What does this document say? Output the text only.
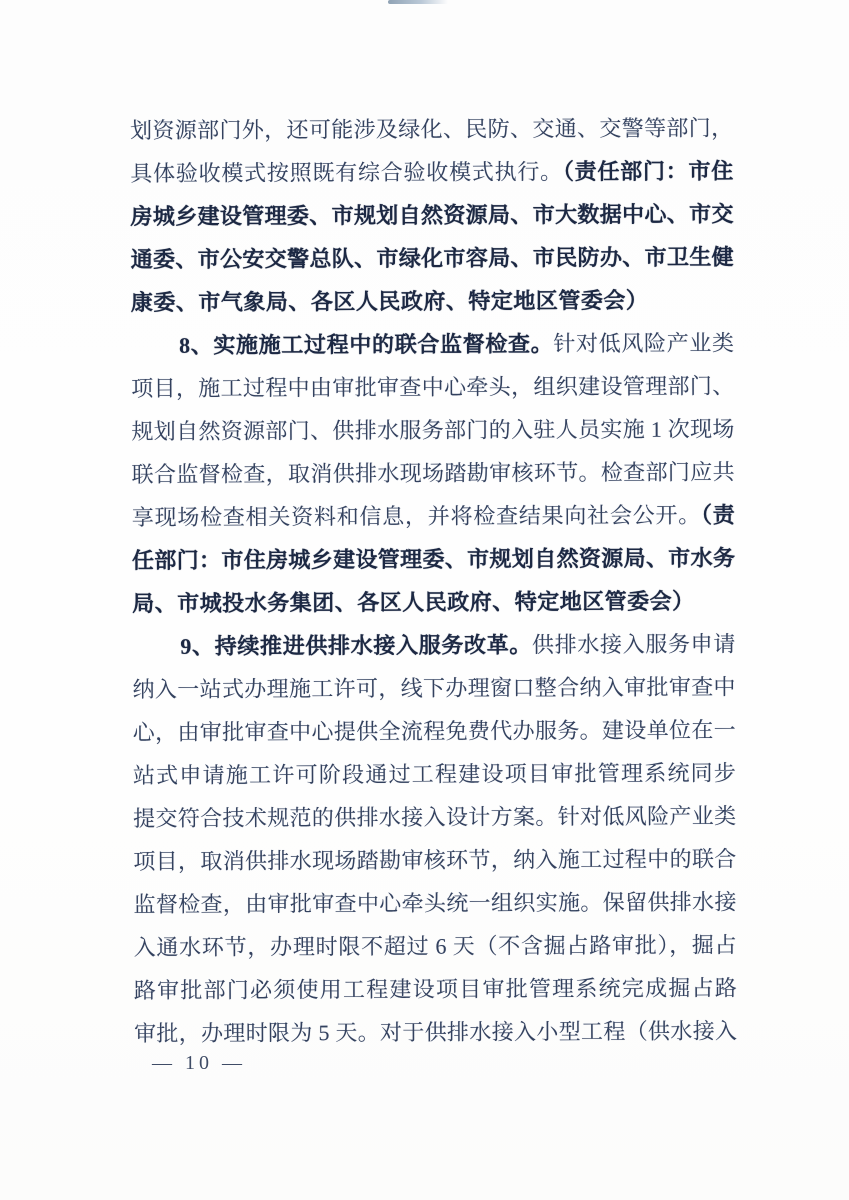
划资源部门外，还可能涉及绿化、民防、交通、交警等部门，
具体验收模式按照既有综合验收模式执行。（责任部门：市住
房城乡建设管理委、市规划自然资源局、市大数据中心、市交
通委、市公安交警总队、市绿化市容局、市民防办、市卫生健
康委、市气象局、各区人民政府、特定地区管委会）
8、实施施工过程中的联合监督检查。针对低风险产业类
项目，施工过程中由审批审查中心牵头，组织建设管理部门、
规划自然资源部门、供排水服务部门的入驻人员实施 1 次现场
联合监督检查，取消供排水现场踏勘审核环节。检查部门应共
享现场检查相关资料和信息，并将检查结果向社会公开。（责
任部门：市住房城乡建设管理委、市规划自然资源局、市水务
局、市城投水务集团、各区人民政府、特定地区管委会）
9、持续推进供排水接入服务改革。供排水接入服务申请
纳入一站式办理施工许可，线下办理窗口整合纳入审批审查中
心，由审批审查中心提供全流程免费代办服务。建设单位在一
站式申请施工许可阶段通过工程建设项目审批管理系统同步
提交符合技术规范的供排水接入设计方案。针对低风险产业类
项目，取消供排水现场踏勘审核环节，纳入施工过程中的联合
监督检查，由审批审查中心牵头统一组织实施。保留供排水接
入通水环节，办理时限不超过 6 天（不含掘占路审批），掘占
路审批部门必须使用工程建设项目审批管理系统完成掘占路
审批，办理时限为 5 天。对于供排水接入小型工程（供水接入
— 10 —
